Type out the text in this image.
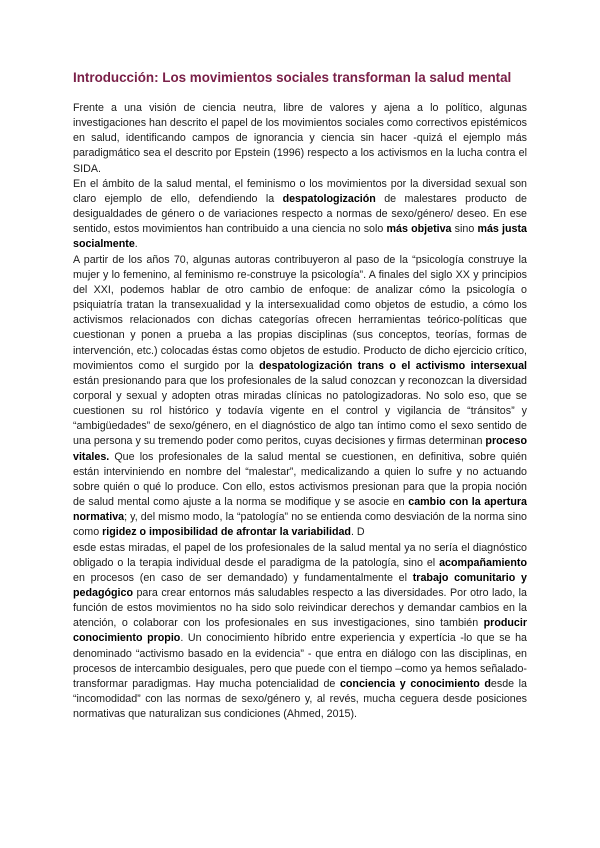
Introducción: Los movimientos sociales transforman la salud mental

Frente a una visión de ciencia neutra, libre de valores y ajena a lo político, algunas investigaciones han descrito el papel de los movimientos sociales como correctivos epistémicos en salud, identificando campos de ignorancia y ciencia sin hacer -quizá el ejemplo más paradigmático sea el descrito por Epstein (1996) respecto a los activismos en la lucha contra el SIDA.

En el ámbito de la salud mental, el feminismo o los movimientos por la diversidad sexual son claro ejemplo de ello, defendiendo la despatologización de malestares producto de desigualdades de género o de variaciones respecto a normas de sexo/género/ deseo. En ese sentido, estos movimientos han contribuido a una ciencia no solo más objetiva sino más justa socialmente.

A partir de los años 70, algunas autoras contribuyeron al paso de la “psicología construye la mujer y lo femenino, al feminismo re-construye la psicología”. A finales del siglo XX y principios del XXI, podemos hablar de otro cambio de enfoque: de analizar cómo la psicología o psiquiatría tratan la transexualidad y la intersexualidad como objetos de estudio, a cómo los activismos relacionados con dichas categorías ofrecen herramientas teórico-políticas que cuestionan y ponen a prueba a las propias disciplinas (sus conceptos, teorías, formas de intervención, etc.) colocadas éstas como objetos de estudio. Producto de dicho ejercicio crítico, movimientos como el surgido por la despatologización trans o el activismo intersexual están presionando para que los profesionales de la salud conozcan y reconozcan la diversidad corporal y sexual y adopten otras miradas clínicas no patologizadoras. No solo eso, que se cuestionen su rol histórico y todavía vigente en el control y vigilancia de “tránsitos” y “ambigüedades” de sexo/género, en el diagnóstico de algo tan íntimo como el sexo sentido de una persona y su tremendo poder como peritos, cuyas decisiones y firmas determinan proceso vitales. Que los profesionales de la salud mental se cuestionen, en definitiva, sobre quién están interviniendo en nombre del “malestar”, medicalizando a quien lo sufre y no actuando sobre quién o qué lo produce. Con ello, estos activismos presionan para que la propia noción de salud mental como ajuste a la norma se modifique y se asocie en cambio con la apertura normativa; y, del mismo modo, la “patología” no se entienda como desviación de la norma sino como rigidez o imposibilidad de afrontar la variabilidad. D

esde estas miradas, el papel de los profesionales de la salud mental ya no sería el diagnóstico obligado o la terapia individual desde el paradigma de la patología, sino el acompañamiento en procesos (en caso de ser demandado) y fundamentalmente el trabajo comunitario y pedagógico para crear entornos más saludables respecto a las diversidades. Por otro lado, la función de estos movimientos no ha sido solo reivindicar derechos y demandar cambios en la atención, o colaborar con los profesionales en sus investigaciones, sino también producir conocimiento propio. Un conocimiento híbrido entre experiencia y expertícia -lo que se ha denominado “activismo basado en la evidencia” - que entra en diálogo con las disciplinas, en procesos de intercambio desiguales, pero que puede con el tiempo –como ya hemos señalado- transformar paradigmas. Hay mucha potencialidad de conciencia y conocimiento desde la “incomodidad” con las normas de sexo/género y, al revés, mucha ceguera desde posiciones normativas que naturalizan sus condiciones (Ahmed, 2015).
